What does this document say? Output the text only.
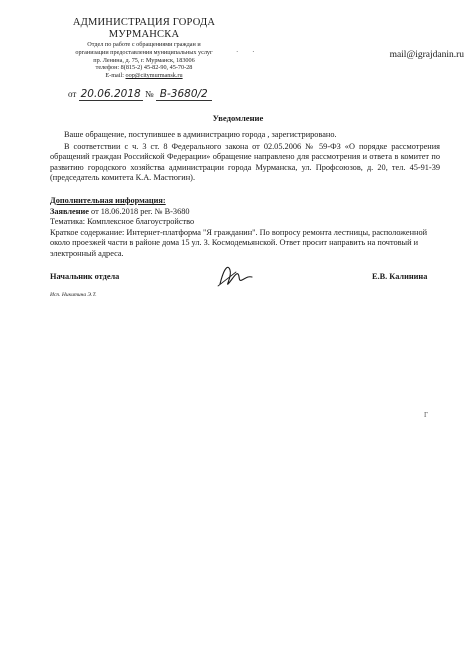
АДМИНИСТРАЦИЯ ГОРОДА
МУРМАНСКА
Отдел по работе с обращениями граждан и
организации предоставления муниципальных услуг
пр. Ленина, д. 75, г. Мурманск, 183006
телефон: 8(815-2) 45-82-90, 45-70-28
E-mail: oop@citymurmansk.ru
· ·	mail@igrajdanin.ru
от 20.06.2018 № В-3680/2
Уведомление
Ваше обращение, поступившее в администрацию города , зарегистрировано.
В соответствии с ч. 3 ст. 8 Федерального закона от 02.05.2006 № 59-ФЗ «О порядке рассмотрения обращений граждан Российской Федерации» обращение направлено для рассмотрения и ответа в комитет по развитию городского хозяйства администрации города Мурманска, ул. Профсоюзов, д. 20, тел. 45-91-39 (председатель комитета К.А. Мастюгин).
Дополнительная информация:
Заявление от 18.06.2018 рег. № В-3680
Тематика: Комплексное благоустройство
Краткое содержание: Интернет-платформа "Я гражданин". По вопросу ремонта лестницы, расположенной около проезжей части в районе дома 15 ул. З. Космодемьянской. Ответ просит направить на почтовый и электронный адреса.
Начальник отдела	Е.В. Калинина
Исп. Никитина Э.Т.
Г
